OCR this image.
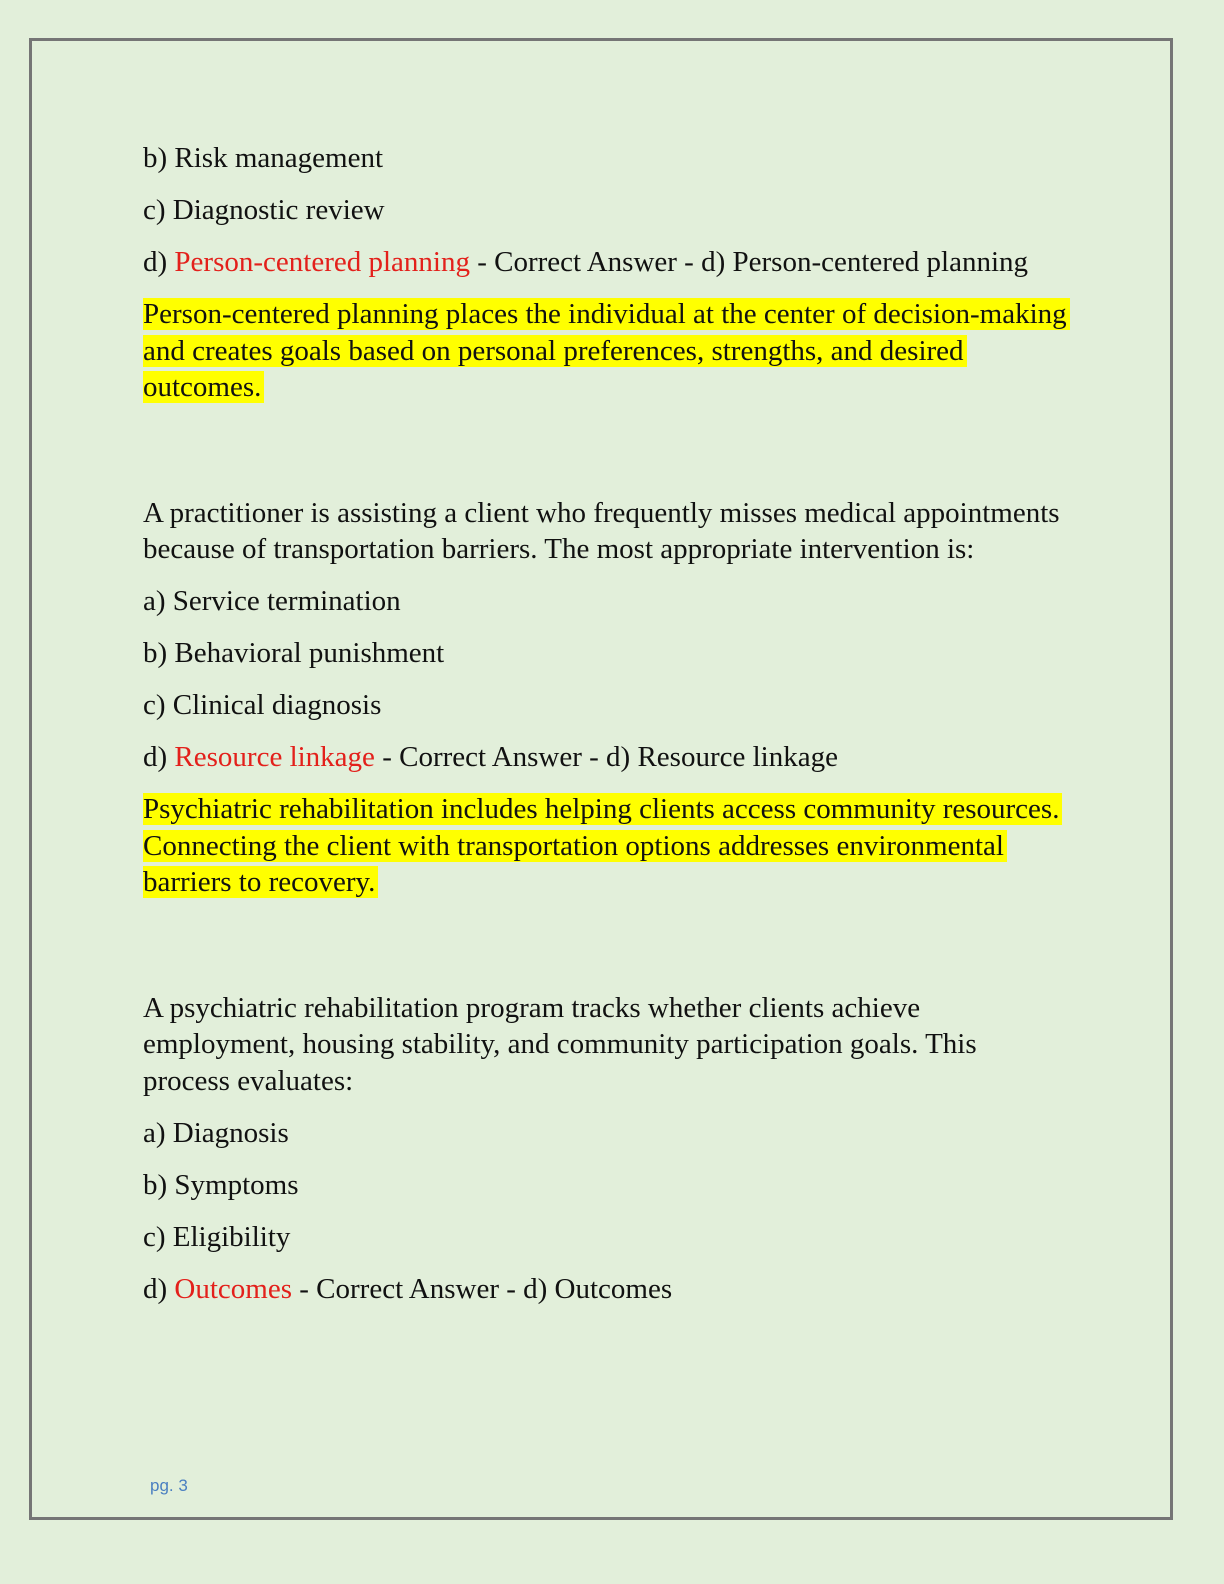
b) Risk management

c) Diagnostic review

d) Person-centered planning - Correct Answer - d) Person-centered planning

Person-centered planning places the individual at the center of decision-making and creates goals based on personal preferences, strengths, and desired outcomes.

A practitioner is assisting a client who frequently misses medical appointments because of transportation barriers. The most appropriate intervention is:

a) Service termination

b) Behavioral punishment

c) Clinical diagnosis

d) Resource linkage - Correct Answer - d) Resource linkage

Psychiatric rehabilitation includes helping clients access community resources. Connecting the client with transportation options addresses environmental barriers to recovery.

A psychiatric rehabilitation program tracks whether clients achieve employment, housing stability, and community participation goals. This process evaluates:

a) Diagnosis

b) Symptoms

c) Eligibility

d) Outcomes - Correct Answer - d) Outcomes

pg. 3
